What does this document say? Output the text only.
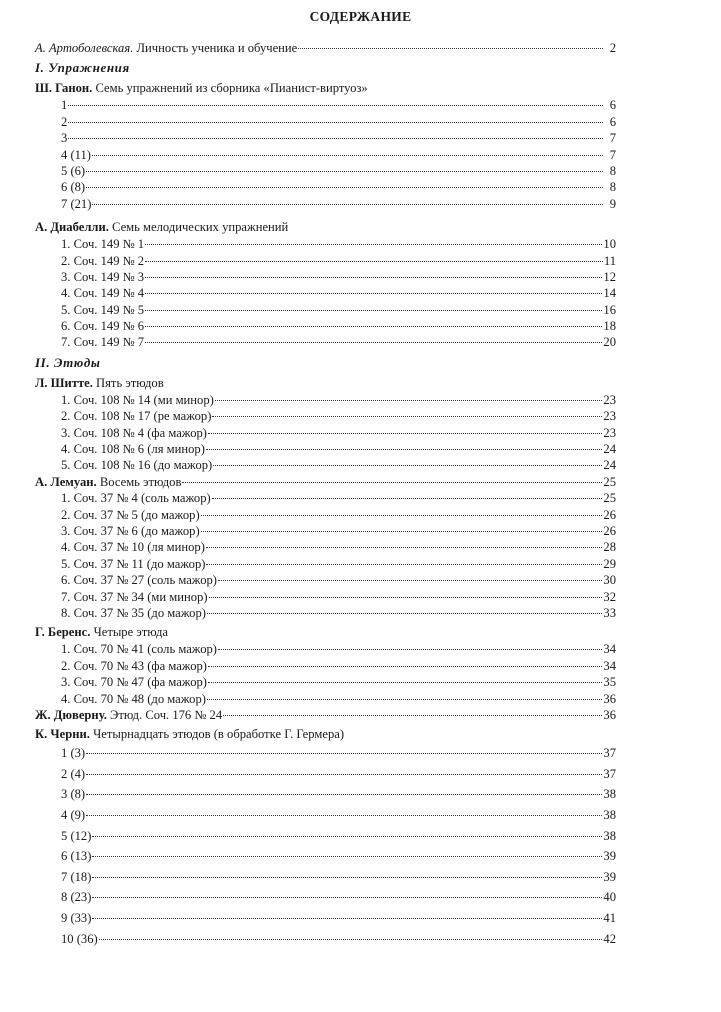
СОДЕРЖАНИЕ
А. Артоболевская. Личность ученика и обучение	2
I. Упражнения
Ш. Ганон. Семь упражнений из сборника «Пианист-виртуоз»
1	6
2	6
3	7
4 (11)	7
5 (6)	8
6 (8)	8
7 (21)	9
А. Диабелли. Семь мелодических упражнений
1. Соч. 149 № 1	10
2. Соч. 149 № 2	11
3. Соч. 149 № 3	12
4. Соч. 149 № 4	14
5. Соч. 149 № 5	16
6. Соч. 149 № 6	18
7. Соч. 149 № 7	20
II. Этюды
Л. Шитте. Пять этюдов
1. Соч. 108 № 14 (ми минор)	23
2. Соч. 108 № 17 (ре мажор)	23
3. Соч. 108 № 4 (фа мажор)	23
4. Соч. 108 № 6 (ля минор)	24
5. Соч. 108 № 16 (до мажор)	24
А. Лемуан. Восемь этюдов	25
1. Соч. 37 № 4 (соль мажор)	25
2. Соч. 37 № 5 (до мажор)	26
3. Соч. 37 № 6 (до мажор)	26
4. Соч. 37 № 10 (ля минор)	28
5. Соч. 37 № 11 (до мажор)	29
6. Соч. 37 № 27 (соль мажор)	30
7. Соч. 37 № 34 (ми минор)	32
8. Соч. 37 № 35 (до мажор)	33
Г. Беренс. Четыре этюда
1. Соч. 70 № 41 (соль мажор)	34
2. Соч. 70 № 43 (фа мажор)	34
3. Соч. 70 № 47 (фа мажор)	35
4. Соч. 70 № 48 (до мажор)	36
Ж. Дюверну. Этюд. Соч. 176 № 24	36
К. Черни. Четырнадцать этюдов (в обработке Г. Гермера)
1 (3)	37
2 (4)	37
3 (8)	38
4 (9)	38
5 (12)	38
6 (13)	39
7 (18)	39
8 (23)	40
9 (33)	41
10 (36)	42
